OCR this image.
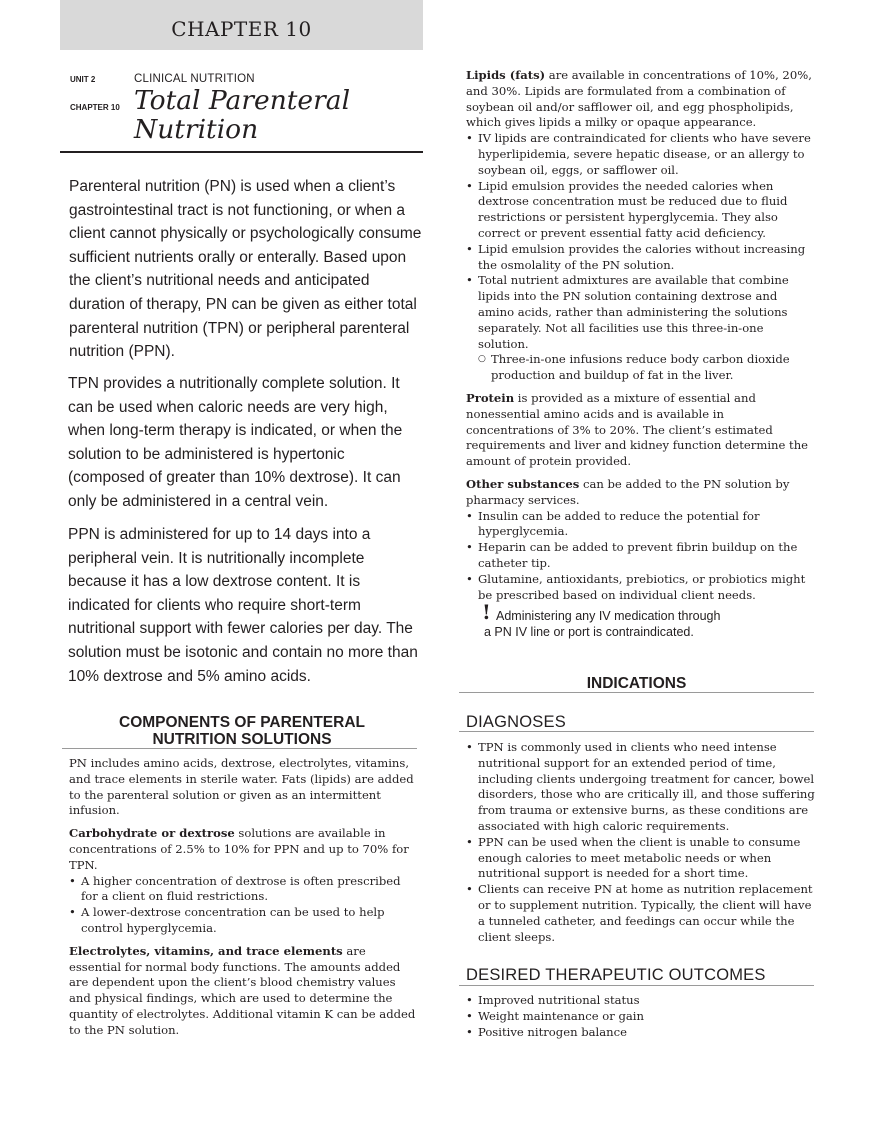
CHAPTER 10
UNIT 2	CLINICAL NUTRITION
CHAPTER 10 Total Parenteral
Nutrition

Parenteral nutrition (PN) is used when a client’s gastrointestinal tract is not functioning, or when a client cannot physically or psychologically consume sufficient nutrients orally or enterally. Based upon the client’s nutritional needs and anticipated duration of therapy, PN can be given as either total parenteral nutrition (TPN) or peripheral parenteral nutrition (PPN).

TPN provides a nutritionally complete solution. It can be used when caloric needs are very high, when long-term therapy is indicated, or when the solution to be administered is hypertonic (composed of greater than 10% dextrose). It can only be administered in a central vein.

PPN is administered for up to 14 days into a peripheral vein. It is nutritionally incomplete because it has a low dextrose content. It is indicated for clients who require short-term nutritional support with fewer calories per day. The solution must be isotonic and contain no more than 10% dextrose and 5% amino acids.

COMPONENTS OF PARENTERAL
NUTRITION SOLUTIONS

PN includes amino acids, dextrose, electrolytes, vitamins, and trace elements in sterile water. Fats (lipids) are added to the parenteral solution or given as an intermittent infusion.

Carbohydrate or dextrose solutions are available in concentrations of 2.5% to 10% for PPN and up to 70% for TPN.

• A higher concentration of dextrose is often prescribed for a client on fluid restrictions.
• A lower-dextrose concentration can be used to help control hyperglycemia.

Electrolytes, vitamins, and trace elements are essential for normal body functions. The amounts added are dependent upon the client’s blood chemistry values and physical findings, which are used to determine the quantity of electrolytes. Additional vitamin K can be added to the PN solution.

Lipids (fats) are available in concentrations of 10%, 20%, and 30%. Lipids are formulated from a combination of soybean oil and/or safflower oil, and egg phospholipids, which gives lipids a milky or opaque appearance.

• IV lipids are contraindicated for clients who have severe hyperlipidemia, severe hepatic disease, or an allergy to soybean oil, eggs, or safflower oil.
• Lipid emulsion provides the needed calories when dextrose concentration must be reduced due to fluid restrictions or persistent hyperglycemia. They also correct or prevent essential fatty acid deficiency.
• Lipid emulsion provides the calories without increasing the osmolality of the PN solution.
• Total nutrient admixtures are available that combine lipids into the PN solution containing dextrose and amino acids, rather than administering the solutions separately. Not all facilities use this three-in-one solution.
○ Three-in-one infusions reduce body carbon dioxide production and buildup of fat in the liver.

Protein is provided as a mixture of essential and nonessential amino acids and is available in concentrations of 3% to 20%. The client’s estimated requirements and liver and kidney function determine the amount of protein provided.

Other substances can be added to the PN solution by pharmacy services.

• Insulin can be added to reduce the potential for hyperglycemia.
• Heparin can be added to prevent fibrin buildup on the catheter tip.
• Glutamine, antioxidants, prebiotics, or probiotics might be prescribed based on individual client needs.
! Administering any IV medication through
a PN IV line or port is contraindicated.
INDICATIONS
DIAGNOSES
• TPN is commonly used in clients who need intense nutritional support for an extended period of time, including clients undergoing treatment for cancer, bowel disorders, those who are critically ill, and those suffering from trauma or extensive burns, as these conditions are associated with high caloric requirements.
• PPN can be used when the client is unable to consume enough calories to meet metabolic needs or when nutritional support is needed for a short time.
• Clients can receive PN at home as nutrition replacement or to supplement nutrition. Typically, the client will have a tunneled catheter, and feedings can occur while the client sleeps.
DESIRED THERAPEUTIC OUTCOMES
• Improved nutritional status
• Weight maintenance or gain
• Positive nitrogen balance
